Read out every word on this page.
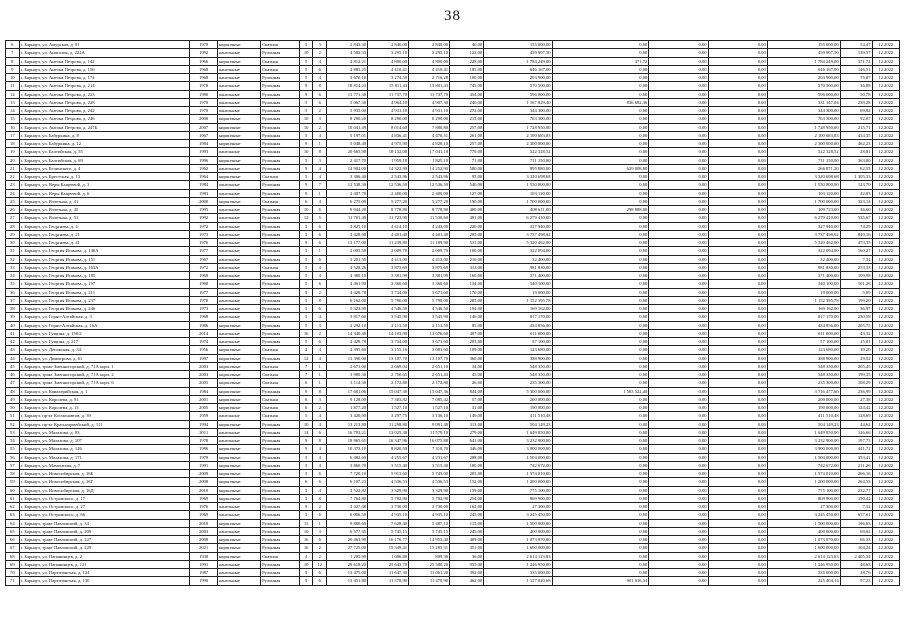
38
6	г. Барнаул, ул. Амурская, д. 91	1979	кирпичные	Скатная	5	3	2 843,30	2 840,00	2 840,00	40,00	155 000,00	0,00	0,00	0,00	155 000,00	54,47	12.2022
7	г. Барнаул, ул. Анатолия, д. 224А	1992	панельные	Рулонная	10	2	4 582,33	3 295,10	3 295,10	122,00	459 907,50	0,00	0,00	0,00	459 907,50	139,57	12.2022
8	г. Барнаул, ул. Антона Петрова, д. 142	1966	кирпичные	Скатная	5	4	4 812,21	4 800,00	4 800,00	228,00	1 784 249,00	371,72	0,00	0,00	1 784 249,00	371,72	12.2022
9	г. Барнаул, ул. Антона Петрова, д. 156	1968	панельные	Скатная	5	6	4 885,25	4 410,41	4 410,41	185,00	646 167,00	0,00	0,00	0,00	646 167,00	146,51	12.2022
10	г. Барнаул, ул. Антона Петрова, д. 174	1968	панельные	Рулонная	5	4	3 670,10	3 274,50	2 716,28	100,00	203 900,00	0,00	0,00	0,00	203 900,00	75,07	12.2022
11	г. Барнаул, ул. Антона Петрова, д. 214	1978	панельные	Рулонная	9	8	18 814,23	15 811,43	15 801,43	745,00	570 500,00	0,00	0,00	0,00	570 500,00	36,08	12.2022
12	г. Барнаул, ул. Антона Петрова, д. 223	1980	панельные	Рулонная	9	6	13 771,30	11 737,70	11 737,70	454,00	596 000,00	0,00	0,00	0,00	596 000,00	50,78	12.2022
13	г. Барнаул, ул. Антона Петрова, д. 228	1970	панельные	Рулонная	5	6	5 067,30	4 964,10	4 907,30	240,00	1 167 829,40	836 682,36	0,00	0,00	331 147,04	239,28	12.2022
14	г. Барнаул, ул. Антона Петрова, д. 242	1970	панельные	Рулонная	5	2	5 935,00	4 931,10	4 931,10	272,00	344 300,00	0,00	0,00	0,00	344 300,00	69,82	12.2022
15	г. Барнаул, ул. Антона Петрова, д. 246	2008	кирпичные	Рулонная	10	3	8 290,20	8 290,00	8 290,00	215,00	763 300,00	0,00	0,00	0,00	763 300,00	92,07	12.2022
16	г. Барнаул, ул. Антона Петрова, д. 247Б	2007	кирпичные	Рулонная	10	2	10 041,49	8 014,60	7 880,80	257,00	1 728 950,00	0,00	0,00	0,00	1 728 950,00	215,71	12.2022
17	г. Барнаул, ул. Бабуркина, д. 8	1967	кирпичные	Рулонная	5	4	5 197,01	4 836,41	4 470,51	261,00	2 100 683,83	0,00	0,00	0,00	2 100 683,83	434,35	12.2022
18	г. Барнаул, ул. Бабуркина, д. 12	1984	кирпичные	Рулонная	9	1	5 048,40	4 975,90	4 828,10	257,00	2 300 000,00	0,00	0,00	0,00	2 300 000,00	462,23	12.2022
19	г. Барнаул, ул. Балтийская, д. 55	1993	панельные	Рулонная	10	8	20 665,98	18 132,00	17 041,18	779,00	522 328,52	0,00	0,00	0,00	522 328,52	28,81	12.2022
20	г. Барнаул, ул. Балтийская, д. 69	1996	кирпичные	Рулонная	5	3	2 417,70	1 959,10	1 825,10	71,00	711 150,00	0,00	0,00	0,00	711 150,00	363,00	12.2022
21	г. Барнаул, ул. Белинского, д. 4	1962	панельные	Рулонная	9	4	14 902,00	14 322,90	14 252,90	580,00	895 880,00	629 008,80	0,00	0,00	266 871,20	62,55	12.2022
22	г. Барнаул, ул. Брестская, д. 13	1964	кирпичные	Скатная	5	4	3 306,40	2 543,96	2 543,96	95,00	3 320 698,68	0,00	0,00	0,00	3 320 698,68	1 305,33	12.2022
23	г. Барнаул, ул. Веры Кащеевой, д. 3	1984	панельные	Рулонная	9	7	12 538,30	12 536,50	12 536,50	540,00	1 550 800,00	0,00	0,00	0,00	1 550 800,00	123,70	12.2022
24	г. Барнаул, ул. Веры Кащеевой, д. 6	1983	панельные	Рулонная	9	1	2 407,70	2 400,00	2 400,00	127,00	103 120,00	0,00	0,00	0,00	103 120,00	42,83	12.2022
25	г. Барнаул, ул. Взлетная, д. 41	2000	кирпичные	Скатная	6	4	6 275,00	5 277,20	5 277,20	190,00	1 700 000,00	0,00	0,00	0,00	1 700 000,00	323,14	12.2022
26	г. Барнаул, ул. Взлетная, д. 45	1995	панельные	Рулонная	10	6	9 944,20	8 778,80	8 778,80	400,00	408 611,00	298 888,00	0,00	0,00	109 723,00	36,60	12.2022
27	г. Барнаул, ул. Взлетная, д. 51	1992	панельные	Рулонная	12	5	11 701,40	11 723,90	11 530,60	491,00	6 279 410,00	0,00	0,00	0,00	6 279 410,00	535,67	12.2022
28	г. Барнаул, ул. Георгиева, д. 4	1972	панельные	Рулонная	5	6	4 825,10	4 414,10	4 243,00	220,00	327 940,00	0,00	0,00	0,00	327 940,00	74,29	12.2022
29	г. Барнаул, ул. Георгиева, д. 21	1973	панельные	Рулонная	5	6	4 428,90	4 401,40	4 401,40	205,00	3 737 498,02	0,00	0,00	0,00	3 737 498,02	849,16	12.2022
30	г. Барнаул, ул. Георгиева, д. 41	1976	панельные	Рулонная	9	6	13 177,00	11 239,80	11 189,90	531,00	5 320 462,00	0,00	0,00	0,00	5 320 462,00	473,35	12.2022
31	г. Барнаул, ул. Георгия Исакова, д. 140А	1977	панельные	Рулонная	5	1	2 005,50	2 009,70	2 009,70	100,00	322 094,00	0,00	0,00	0,00	322 094,00	160,27	12.2022
32	г. Барнаул, ул. Георгия Исакова, д. 151	1967	панельные	Рулонная	5	6	5 201,50	4 413,00	4 413,00	210,00	32 400,00	0,00	0,00	0,00	32 400,00	7,34	12.2022
33	г. Барнаул, ул. Георгия Исакова, д. 163А	1972	панельные	Скатная	5	4	4 528,26	3 875,69	3 875,69	313,00	981 830,00	0,00	0,00	0,00	981 830,00	253,33	12.2022
34	г. Барнаул, ул. Георгия Исакова, д. 185	1969	панельные	Рулонная	5	4	4 380,10	3 381,99	3 381,99	160,00	371 400,00	0,00	0,00	0,00	371 400,00	109,98	12.2022
35	г. Барнаул, ул. Георгия Исакова, д. 197	1968	панельные	Рулонная	5	6	4 461,90	3 360,60	3 360,60	134,00	340 100,00	0,00	0,00	0,00	340 100,00	101,26	12.2022
36	г. Барнаул, ул. Георгия Исакова, д. 211	1977	панельные	Рулонная	9	2	4 428,78	3 734,00	3 671,60	170,00	19 000,00	0,00	0,00	0,00	19 000,00	5,09	12.2022
37	г. Барнаул, ул. Георгия Исакова, д. 237	1970	панельные	Рулонная	5	8	6 162,00	5 790,00	5 790,00	285,00	1 152 395,78	0,00	0,00	0,00	1 152 395,78	199,20	12.2022
38	г. Барнаул, ул. Георгия Исакова, д. 246	1973	панельные	Рулонная	5	6	5 323,90	4 546,50	4 546,50	194,00	169 162,00	0,00	0,00	0,00	169 162,00	36,97	12.2022
39	г. Барнаул, ул. Горно-Алтайская, д. 3	1968	панельные	Рулонная	5	4	3 817,60	3 545,90	3 545,90	146,00	817 170,00	0,00	0,00	0,00	817 170,00	230,58	12.2022
40	г. Барнаул, ул. Горно-Алтайская, д. 16А	1986	кирпичные	Рулонная	5	3	2 292,10	2 113,50	2 113,50	85,00	434 856,00	0,00	0,00	0,00	434 856,00	205,75	12.2022
41	г. Барнаул, ул. Гущина, д. 150/2	2014	панельные	Рулонная	16	2	14 340,40	14 103,90	13 076,60	407,00	611 000,00	0,00	0,00	0,00	611 000,00	43,32	12.2022
42	г. Барнаул, ул. Гущина, д. 217	1974	панельные	Рулонная	5	6	4 428,78	3 734,00	3 671,60	205,00	57 100,00	0,00	0,00	0,00	57 100,00	15,01	12.2022
43	г. Барнаул, ул. Деповская, д. 34	1956	кирпичные	Скатная	2	4	4 395,60	3 155,16	3 081,60	109,00	123 680,00	0,00	0,00	0,00	123 680,00	39,20	12.2022
44	г. Барнаул, ул. Димитрова, д. 61	1997	кирпичные	Рулонная	12	4	13 390,00	13 107,70	13 107,70	360,00	388 900,00	0,00	0,00	0,00	388 900,00	29,52	12.2022
45	г. Барнаул, тракт Змеиногорский, д. 71А корп. 1	2003	кирпичные	Скатная	7	1	2 671,00	2 669,04	2 651,10	34,00	548 350,00	0,00	0,00	0,00	548 350,00	205,45	12.2022
46	г. Барнаул, тракт Змеиногорский, д. 71А корп. 2	2003	кирпичные	Скатная	7	1	3 980,30	2 750,65	2 651,43	45,00	548 350,00	0,00	0,00	0,00	548 350,00	199,35	12.2022
47	г. Барнаул, тракт Змеиногорский, д. 71А корп. 6	2005	кирпичные	Скатная	6	1	3 114,30	2 172,80	2 172,80	26,00	235 300,00	0,00	0,00	0,00	235 300,00	108,29	12.2022
48	г. Барнаул, ул. Кавалерийская, д. 1	1984	кирпичные	Рулонная	9	8	17 681,06	15 047,36	15 047,36	844,00	5 300 000,00	1 583 522,40	0,00	0,00	3 716 477,60	236,99	12.2022
49	г. Барнаул, ул. Королева, д. 91	2001	кирпичные	Скатная	6	3	9 128,00	7 303,82	7 085,42	57,00	200 000,00	0,00	0,00	0,00	200 000,00	27,38	12.2022
50	г. Барнаул, ул. Королева, д. 13	2005	кирпичные	Скатная	6	2	1 877,20	1 527,10	1 527,10	31,00	190 000,00	0,00	0,00	0,00	190 000,00	124,42	12.2022
51	г. Барнаул, пр-кт Космонавтов, д. 39	1959	панельные	Скатная	5	4	3 420,90	3 297,75	3 136,10	149,00	411 510,48	0,00	0,00	0,00	411 510,48	128,69	12.2022
52	г. Барнаул, пр-кт Красноармейский, д. 111	1994	кирпичные	Рулонная	10	4	13 213,80	11 298,80	9 091,40	313,00	504 149,23	0,00	0,00	0,00	504 149,23	44,62	12.2022
53	г. Барнаул, ул. Малахова, д. 83	2011	панельные	Рулонная	14	6	16 793,21	13 025,38	11 579,10	279,00	1 649 850,00	0,00	0,00	0,00	1 649 850,00	126,66	12.2022
54	г. Барнаул, ул. Малахова, д. 107	1978	панельные	Рулонная	9	8	18 965,65	16 347,96	16 075,88	641,00	3 232 900,00	0,00	0,00	0,00	3 232 900,00	197,75	12.2022
55	г. Барнаул, ул. Малахова, д. 126	1986	кирпичные	Рулонная	9	4	10 373,10	8 820,50	7 310,70	346,00	3 900 000,00	0,00	0,00	0,00	3 900 000,00	441,72	12.2022
56	г. Барнаул, ул. Малахова, д. 171	1979	кирпичные	Рулонная	5	4	6 482,60	4 255,67	4 231,67	288,00	1 504 000,00	0,00	0,00	0,00	1 504 000,00	353,41	12.2022
57	г. Барнаул, ул. Мамонтова, д. 7	1991	кирпичные	Рулонная	5	4	3 860,70	3 515,40	3 515,40	180,00	742 672,00	0,00	0,00	0,00	742 672,00	211,26	12.2022
58	г. Барнаул, ул. Новосибирская, д. 16Б	2009	кирпичные	Рулонная	5	6	7 720,10	5 913,60	5 745,00	205,00	1 574 010,00	0,00	0,00	0,00	1 574 010,00	266,16	12.2022
59	г. Барнаул, ул. Новосибирская, д. 16Г	2008	кирпичные	Рулонная	6	6	6 107,23	4 536,53	4 536,53	152,00	1 200 000,00	0,00	0,00	0,00	1 200 000,00	264,53	12.2022
60	г. Барнаул, ул. Новосибирская, д. 16Д	2010	кирпичные	Рулонная	5	4	4 522,82	3 329,90	3 329,90	159,00	775 100,00	0,00	0,00	0,00	775 100,00	232,77	12.2022
61	г. Барнаул, ул. Островского, д. 17	1969	кирпичные	Рулонная	5	8	7 764,80	5 782,90	5 782,90	254,00	869 900,00	0,00	0,00	0,00	869 900,00	150,42	12.2022
62	г. Барнаул, ул. Островского, д. 27	1976	панельные	Рулонная	9	2	4 427,48	3 730,00	3 730,00	162,00	27 300,00	0,00	0,00	0,00	27 300,00	7,32	12.2022
63	г. Барнаул, ул. Островского, д. 66	1969	панельные	Рулонная	5	6	6 006,50	4 935,10	4 935,10	245,00	3 245 450,00	0,00	0,00	0,00	3 245 450,00	657,61	12.2022
64	г. Барнаул, тракт Павловский, д. 34	2010	кирпичные	Рулонная	15	1	9 880,60	7 628,40	5 487,10	115,00	1 500 000,00	0,00	0,00	0,00	1 500 000,00	196,63	12.2022
65	г. Барнаул, тракт Павловский, д. 209	2003	панельные	Рулонная	10	3	6 577,45	5 745,15	5 745,15	245,00	400 000,00	0,00	0,00	0,00	400 000,00	69,62	12.2022
66	г. Барнаул, тракт Павловский, д. 227	2008	кирпичные	Рулонная	16	6	20 463,90	16 176,77	14 953,40	409,00	1 073 070,00	0,00	0,00	0,00	1 073 070,00	66,33	12.2022
67	г. Барнаул, тракт Павловский, д. 229	2021	кирпичные	Рулонная	16	2	27 725,00	15 349,41	15 285,31	351,00	1 600 000,00	0,00	0,00	0,00	1 600 000,00	104,24	12.2022
68	г. Барнаул, ул. Папанинцев, д. 2	1930	кирпичные	Скатная	4	2	1 205,90	1 086,80	809,30	36,00	2 614 123,83	0,00	0,00	0,00	2 614 123,83	2 405,34	12.2022
69	г. Барнаул, ул. Папанинцев, д. 121	1991	панельные	Рулонная	10	12	28 618,20	25 643,70	25 580,20	955,00	1 246 950,00	0,00	0,00	0,00	1 246 950,00	48,63	12.2022
70	г. Барнаул, ул. Партизанская, д. 124	1987	панельные	Рулонная	9	6	13 475,00	11 647,30	11 061,20	392,00	335 000,00	0,00	0,00	0,00	335 000,00	28,76	12.2022
71	г. Барнаул, ул. Партизанская, д. 130	1990	панельные	Рулонная	9	6	13 451,80	11 378,90	11 470,90	462,00	1 127 020,68	901 616,54	0,00	0,00	225 404,14	97,23	12.2022
